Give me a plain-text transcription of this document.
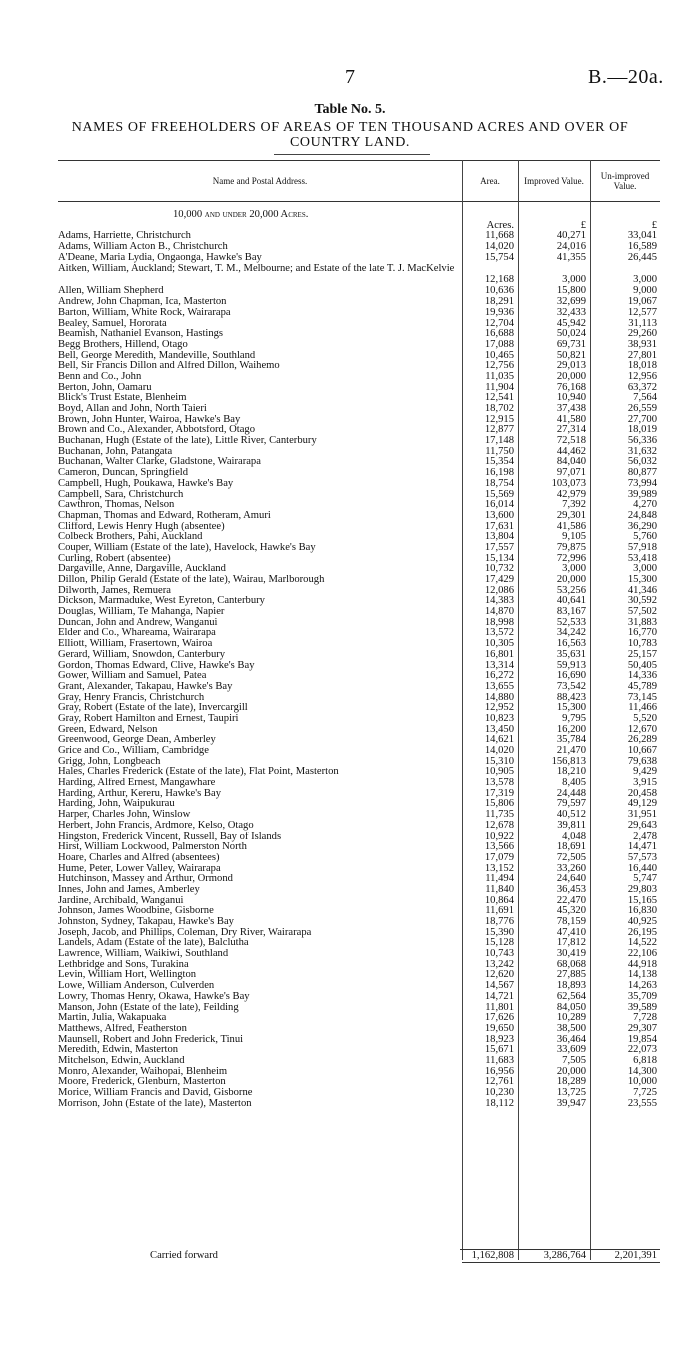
7	B.—20a.
Table No. 5.
NAMES OF FREEHOLDERS OF AREAS OF TEN THOUSAND ACRES AND OVER OF COUNTRY LAND.
Name and Postal Address.	Area.	Improved Value.	Un-improved Value.
10,000 and under 20,000 Acres.
Acres.	£	£
Adams, Harriette, Christchurch	11,668	40,271	33,041
Adams, William Acton B., Christchurch	14,020	24,016	16,589
A'Deane, Maria Lydia, Ongaonga, Hawke's Bay	15,754	41,355	26,445
Aitken, William, Auckland; Stewart, T. M., Melbourne; and Estate of the late T. J. MacKelvie
12,168	3,000	3,000
Allen, William Shepherd	10,636	15,800	9,000
Andrew, John Chapman, Ica, Masterton	18,291	32,699	19,067
Barton, William, White Rock, Wairarapa	19,936	32,433	12,577
Bealey, Samuel, Hororata	12,704	45,942	31,113
Beamish, Nathaniel Evanson, Hastings	16,688	50,024	29,260
Begg Brothers, Hillend, Otago	17,088	69,731	38,931
Bell, George Meredith, Mandeville, Southland	10,465	50,821	27,801
Bell, Sir Francis Dillon and Alfred Dillon, Waihemo	12,756	29,013	18,018
Benn and Co., John	11,035	20,000	12,956
Berton, John, Oamaru	11,904	76,168	63,372
Blick's Trust Estate, Blenheim	12,541	10,940	7,564
Boyd, Allan and John, North Taieri	18,702	37,438	26,559
Brown, John Hunter, Wairoa, Hawke's Bay	12,915	41,580	27,700
Brown and Co., Alexander, Abbotsford, Otago	12,877	27,314	18,019
Buchanan, Hugh (Estate of the late), Little River, Canterbury	17,148	72,518	56,336
Buchanan, John, Patangata	11,750	44,462	31,632
Buchanan, Walter Clarke, Gladstone, Wairarapa	15,354	84,040	56,032
Cameron, Duncan, Springfield	16,198	97,071	80,877
Campbell, Hugh, Poukawa, Hawke's Bay	18,754	103,073	73,994
Campbell, Sara, Christchurch	15,569	42,979	39,989
Cawthron, Thomas, Nelson	16,014	7,392	4,270
Chapman, Thomas and Edward, Rotheram, Amuri	13,600	29,301	24,848
Clifford, Lewis Henry Hugh (absentee)	17,631	41,586	36,290
Colbeck Brothers, Pahi, Auckland	13,804	9,105	5,760
Couper, William (Estate of the late), Havelock, Hawke's Bay	17,557	79,875	57,918
Curling, Robert (absentee)	15,134	72,996	53,418
Dargaville, Anne, Dargaville, Auckland	10,732	3,000	3,000
Dillon, Philip Gerald (Estate of the late), Wairau, Marlborough	17,429	20,000	15,300
Dilworth, James, Remuera	12,086	53,256	41,346
Dickson, Marmaduke, West Eyreton, Canterbury	14,383	40,641	30,592
Douglas, William, Te Mahanga, Napier	14,870	83,167	57,502
Duncan, John and Andrew, Wanganui	18,998	52,533	31,883
Elder and Co., Whareama, Wairarapa	13,572	34,242	16,770
Elliott, William, Frasertown, Wairoa	10,305	16,563	10,783
Gerard, William, Snowdon, Canterbury	16,801	35,631	25,157
Gordon, Thomas Edward, Clive, Hawke's Bay	13,314	59,913	50,405
Gower, William and Samuel, Patea	16,272	16,690	14,336
Grant, Alexander, Takapau, Hawke's Bay	13,655	73,542	45,789
Gray, Henry Francis, Christchurch	14,880	88,423	73,145
Gray, Robert (Estate of the late), Invercargill	12,952	15,300	11,466
Gray, Robert Hamilton and Ernest, Taupiri	10,823	9,795	5,520
Green, Edward, Nelson	13,450	16,200	12,670
Greenwood, George Dean, Amberley	14,621	35,784	26,289
Grice and Co., William, Cambridge	14,020	21,470	10,667
Grigg, John, Longbeach	15,310	156,813	79,638
Hales, Charles Frederick (Estate of the late), Flat Point, Masterton	10,905	18,210	9,429
Harding, Alfred Ernest, Mangawhare	13,578	8,405	3,915
Harding, Arthur, Kereru, Hawke's Bay	17,319	24,448	20,458
Harding, John, Waipukurau	15,806	79,597	49,129
Harper, Charles John, Winslow	11,735	40,512	31,951
Herbert, John Francis, Ardmore, Kelso, Otago	12,678	39,811	29,643
Hingston, Frederick Vincent, Russell, Bay of Islands	10,922	4,048	2,478
Hirst, William Lockwood, Palmerston North	13,566	18,691	14,471
Hoare, Charles and Alfred (absentees)	17,079	72,505	57,573
Hume, Peter, Lower Valley, Wairarapa	13,152	33,260	16,440
Hutchinson, Massey and Arthur, Ormond	11,494	24,640	5,747
Innes, John and James, Amberley	11,840	36,453	29,803
Jardine, Archibald, Wanganui	10,864	22,470	15,165
Johnson, James Woodbine, Gisborne	11,691	45,320	16,830
Johnston, Sydney, Takapau, Hawke's Bay	18,776	78,159	40,925
Joseph, Jacob, and Phillips, Coleman, Dry River, Wairarapa	15,390	47,410	26,195
Landels, Adam (Estate of the late), Balclutha	15,128	17,812	14,522
Lawrence, William, Waikiwi, Southland	10,743	30,419	22,106
Lethbridge and Sons, Turakina	13,242	68,068	44,918
Levin, William Hort, Wellington	12,620	27,885	14,138
Lowe, William Anderson, Culverden	14,567	18,893	14,263
Lowry, Thomas Henry, Okawa, Hawke's Bay	14,721	62,564	35,709
Manson, John (Estate of the late), Feilding	11,801	84,050	39,589
Martin, Julia, Wakapuaka	17,626	10,289	7,728
Matthews, Alfred, Featherston	19,650	38,500	29,307
Maunsell, Robert and John Frederick, Tinui	18,923	36,464	19,854
Meredith, Edwin, Masterton	15,671	33,609	22,073
Mitchelson, Edwin, Auckland	11,683	7,505	6,818
Monro, Alexander, Waihopai, Blenheim	16,956	20,000	14,300
Moore, Frederick, Glenburn, Masterton	12,761	18,289	10,000
Morice, William Francis and David, Gisborne	10,230	13,725	7,725
Morrison, John (Estate of the late), Masterton	18,112	39,947	23,555
Carried forward	1,162,808	3,286,764	2,201,391
